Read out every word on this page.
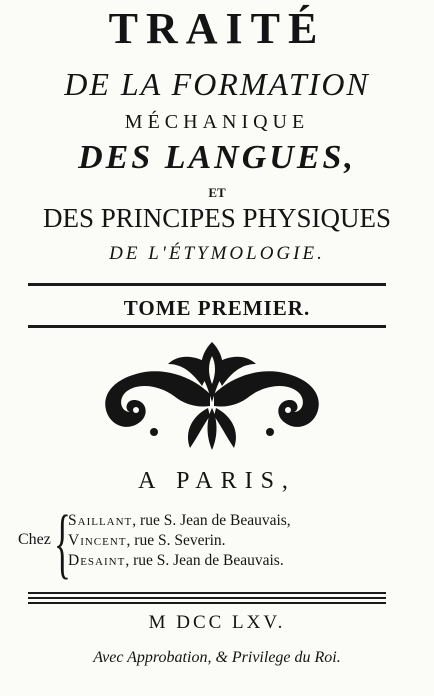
TRAITÉ
DE LA FORMATION
MÉCHANIQUE
DES LANGUES,
ET
DES PRINCIPES PHYSIQUES
DE L'ÉTYMOLOGIE.
TOME PREMIER.
A PARIS,
Chez {
Saillant, rue S. Jean de Beauvais,
Vincent, rue S. Severin.
Desaint, rue S. Jean de Beauvais.
M DCC LXV.
Avec Approbation, & Privilege du Roi.
